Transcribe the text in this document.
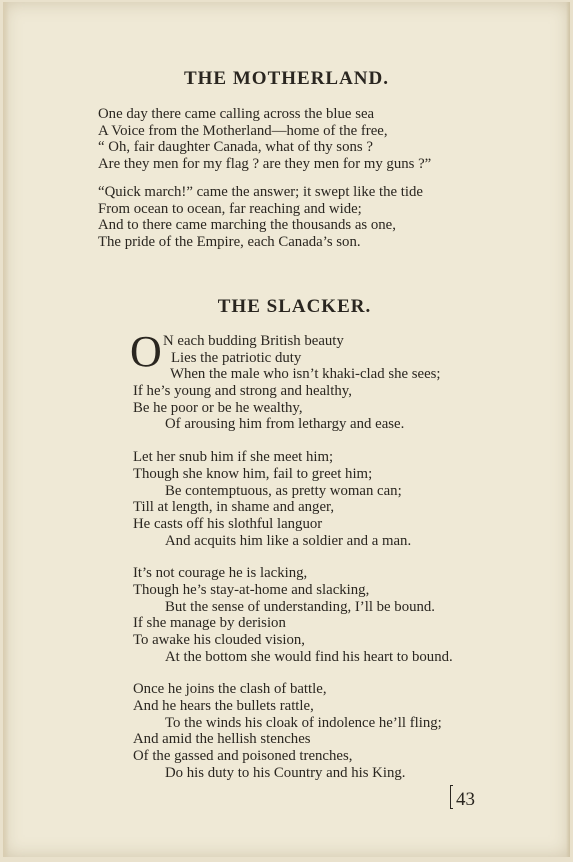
THE MOTHERLAND.
One day there came calling across the blue sea
A Voice from the Motherland—home of the free,
“ Oh, fair daughter Canada, what of thy sons ?
Are they men for my flag ? are they men for my guns ?”
“Quick march!” came the answer; it swept like the tide
From ocean to ocean, far reaching and wide;
And to there came marching the thousands as one,
The pride of the Empire, each Canada’s son.
THE SLACKER.
O N each budding British beauty
Lies the patriotic duty
When the male who isn’t khaki-clad she sees;
If he’s young and strong and healthy,
Be he poor or be he wealthy,
Of arousing him from lethargy and ease.
Let her snub him if she meet him;
Though she know him, fail to greet him;
Be contemptuous, as pretty woman can;
Till at length, in shame and anger,
He casts off his slothful languor
And acquits him like a soldier and a man.
It’s not courage he is lacking,
Though he’s stay-at-home and slacking,
But the sense of understanding, I’ll be bound.
If she manage by derision
To awake his clouded vision,
At the bottom she would find his heart to bound.
Once he joins the clash of battle,
And he hears the bullets rattle,
To the winds his cloak of indolence he’ll fling;
And amid the hellish stenches
Of the gassed and poisoned trenches,
Do his duty to his Country and his King.
43
